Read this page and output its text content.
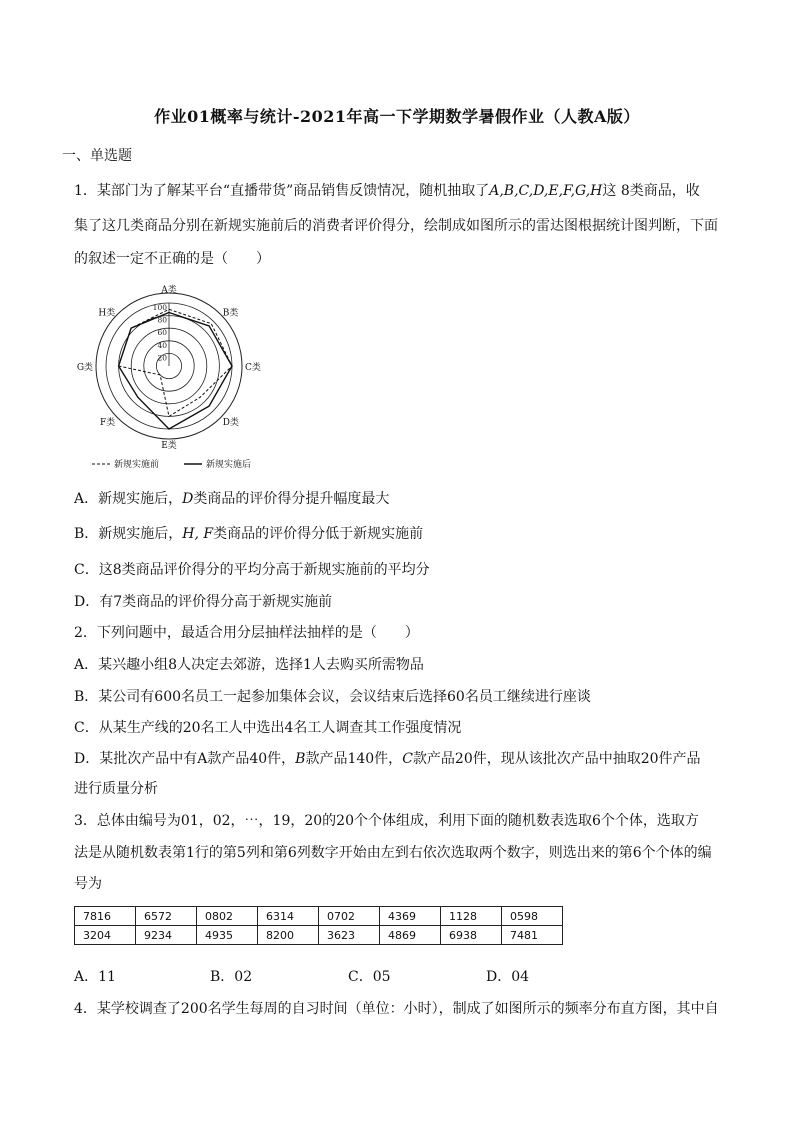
作业01概率与统计-2021年高一下学期数学暑假作业（人教A版）
一、单选题
1．某部门为了解某平台“直播带货”商品销售反馈情况，随机抽取了A,B,C,D,E,F,G,H这 8类商品，收
集了这几类商品分别在新规实施前后的消费者评价得分，绘制成如图所示的雷达图根据统计图判断，下面
的叙述一定不正确的是（　　）
20
40
60
80
100
A类
B类
C类
D类
E类
F类
G类
H类
新规实施前	新规实施后
A．新规实施后，D类商品的评价得分提升幅度最大
B．新规实施后，H, F类商品的评价得分低于新规实施前
C．这8类商品评价得分的平均分高于新规实施前的平均分
D．有7类商品的评价得分高于新规实施前
2．下列问题中，最适合用分层抽样法抽样的是（　　）
A．某兴趣小组8人决定去郊游，选择1人去购买所需物品
B．某公司有600名员工一起参加集体会议，会议结束后选择60名员工继续进行座谈
C．从某生产线的20名工人中选出4名工人调查其工作强度情况
D．某批次产品中有A款产品40件，B款产品140件，C款产品20件，现从该批次产品中抽取20件产品
进行质量分析
3．总体由编号为01，02，⋯，19，20的20个个体组成，利用下面的随机数表选取6个个体，选取方
法是从随机数表第1行的第5列和第6列数字开始由左到右依次选取两个数字，则选出来的第6个个体的编
号为
7816	6572	0802	6314	0702	4369	1128	0598
3204	9234	4935	8200	3623	4869	6938	7481
A．11	B．02	C．05	D．04
4．某学校调查了200名学生每周的自习时间（单位：小时），制成了如图所示的频率分布直方图，其中自
